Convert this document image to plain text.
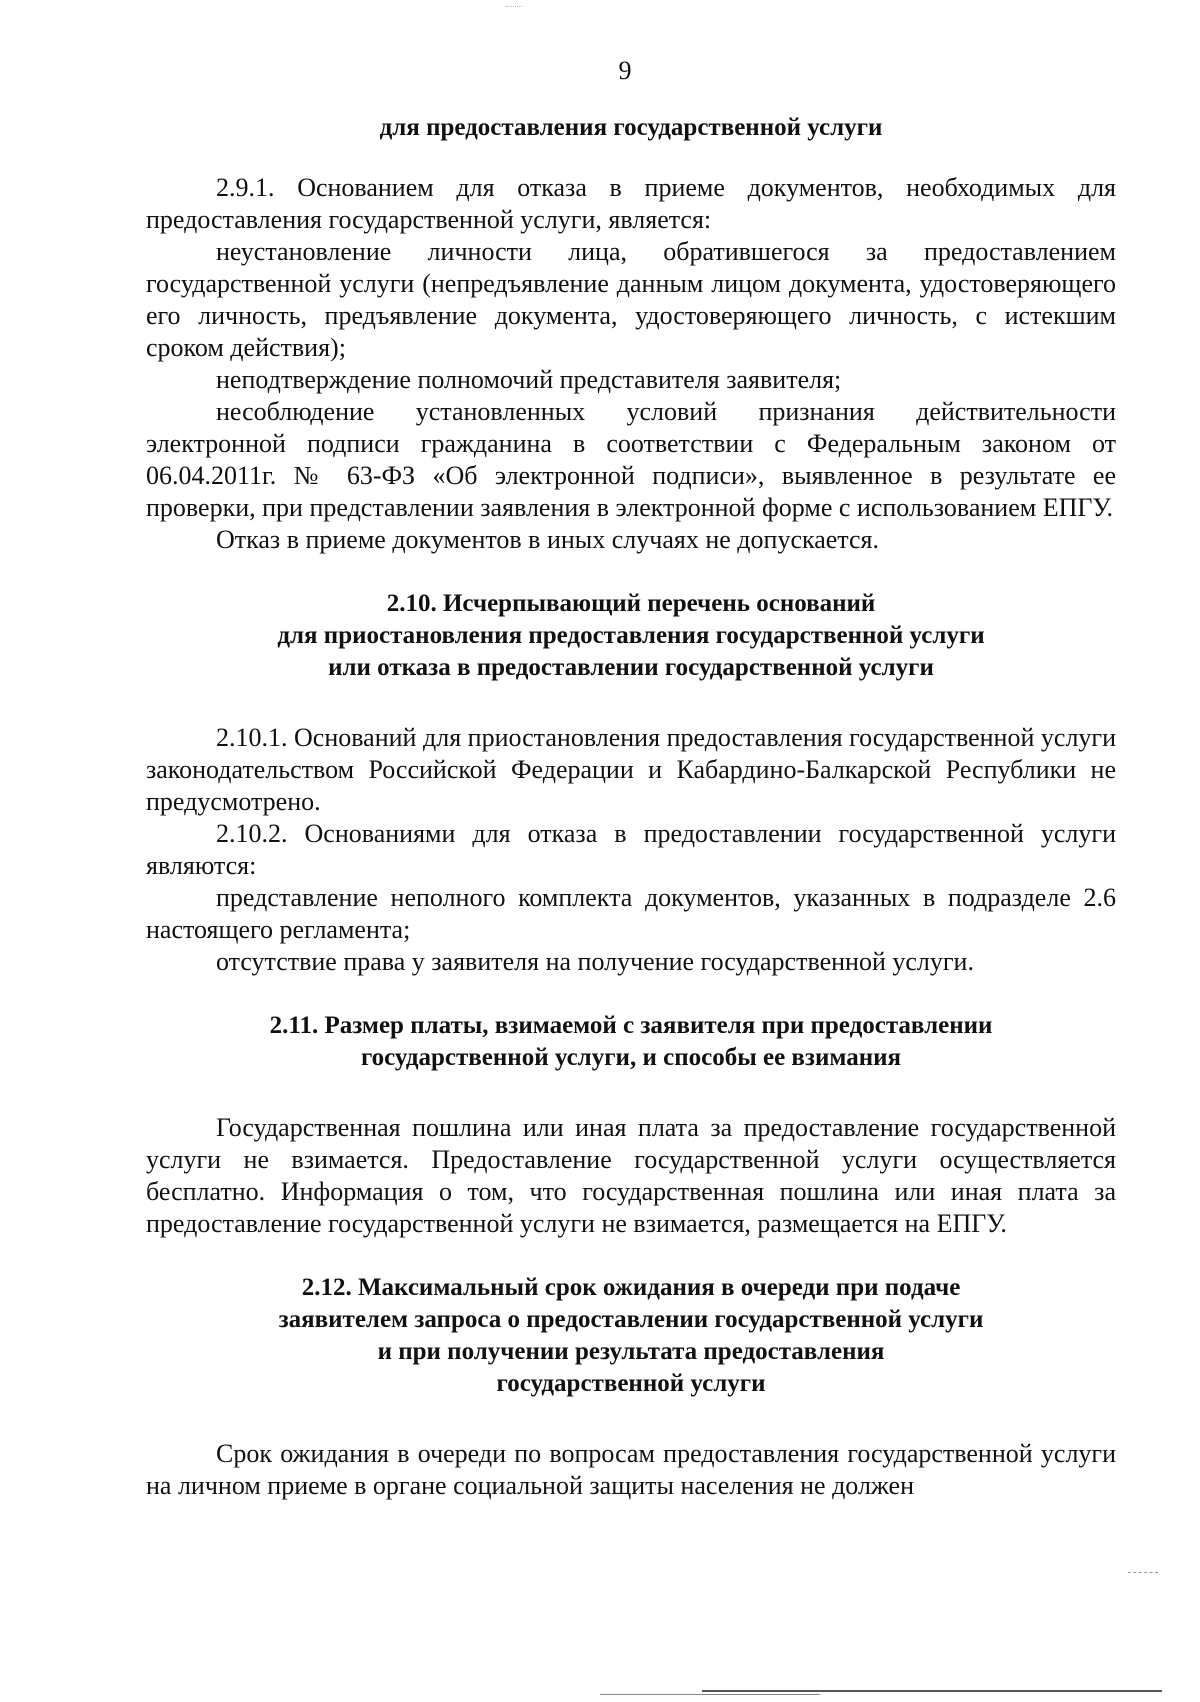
9

для предоставления государственной услуги

2.9.1. Основанием для отказа в приеме документов, необходимых для предоставления государственной услуги, является:

неустановление личности лица, обратившегося за предоставлением государственной услуги (непредъявление данным лицом документа, удостоверяющего его личность, предъявление документа, удостоверяющего личность, с истекшим сроком действия);

неподтверждение полномочий представителя заявителя;

несоблюдение установленных условий признания действительности электронной подписи гражданина в соответствии с Федеральным законом от 06.04.2011г. № 63-ФЗ «Об электронной подписи», выявленное в результате ее проверки, при представлении заявления в электронной форме с использованием ЕПГУ.

Отказ в приеме документов в иных случаях не допускается.

2.10. Исчерпывающий перечень оснований
для приостановления предоставления государственной услуги
или отказа в предоставлении государственной услуги

2.10.1. Оснований для приостановления предоставления государственной услуги законодательством Российской Федерации и Кабардино-Балкарской Республики не предусмотрено.

2.10.2. Основаниями для отказа в предоставлении государственной услуги являются:

представление неполного комплекта документов, указанных в подразделе 2.6 настоящего регламента;

отсутствие права у заявителя на получение государственной услуги.

2.11. Размер платы, взимаемой с заявителя при предоставлении
государственной услуги, и способы ее взимания

Государственная пошлина или иная плата за предоставление государственной услуги не взимается. Предоставление государственной услуги осуществляется бесплатно. Информация о том, что государственная пошлина или иная плата за предоставление государственной услуги не взимается, размещается на ЕПГУ.

2.12. Максимальный срок ожидания в очереди при подаче
заявителем запроса о предоставлении государственной услуги
и при получении результата предоставления
государственной услуги

Срок ожидания в очереди по вопросам предоставления государственной услуги на личном приеме в органе социальной защиты населения не должен
